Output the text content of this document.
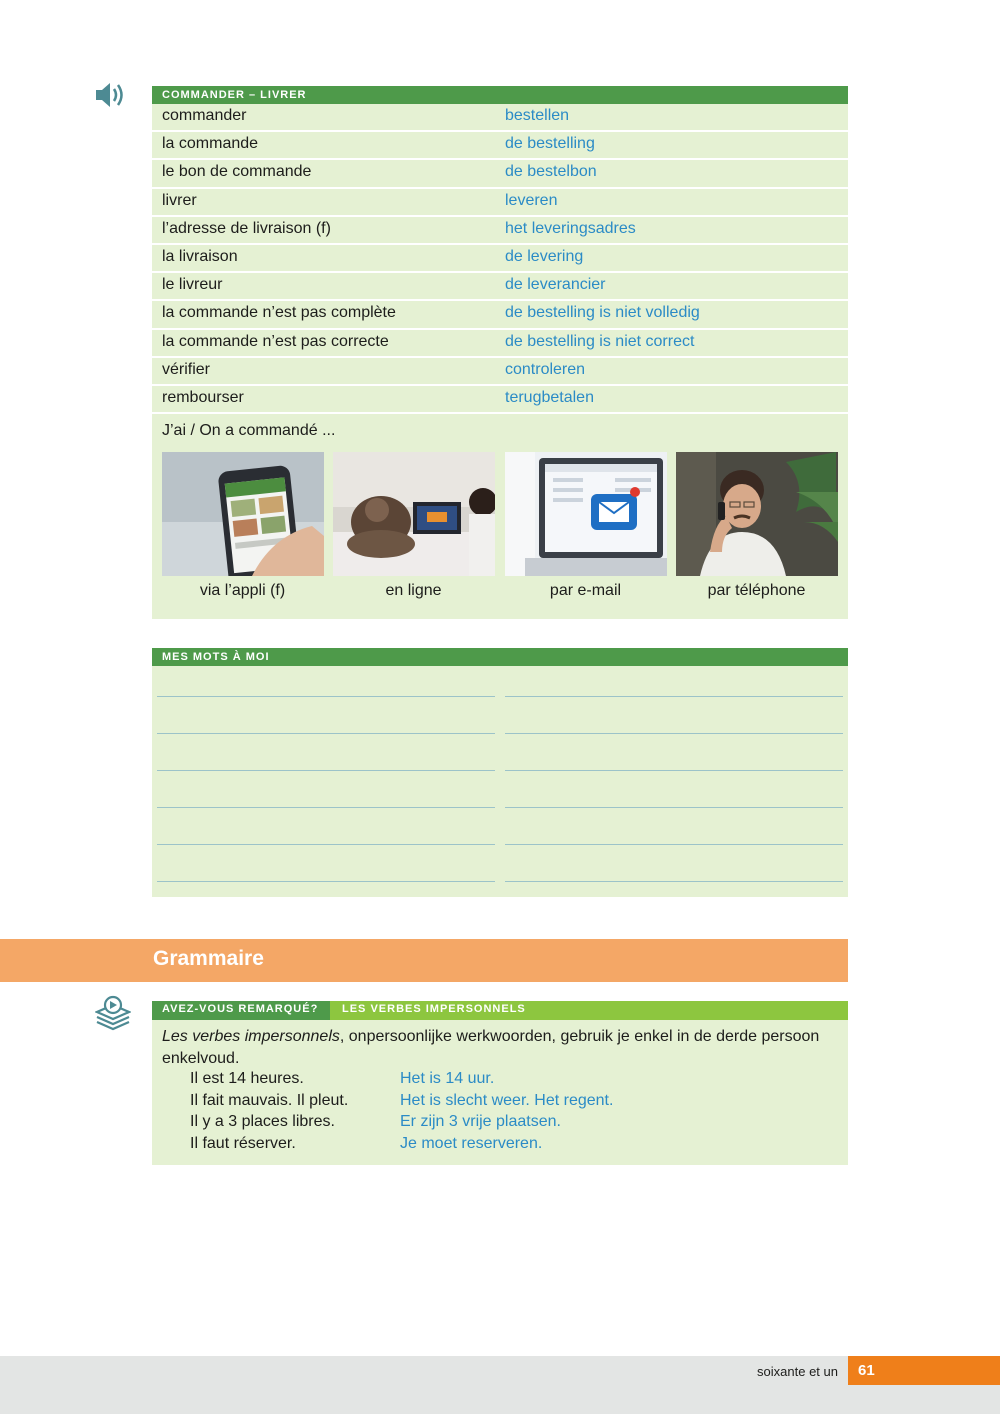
COMMANDER – LIVRER
commander	bestellen
la commande	de bestelling
le bon de commande	de bestelbon
livrer	leveren
l’adresse de livraison (f)	het leveringsadres
la livraison	de levering
le livreur	de leverancier
la commande n’est pas complète	de bestelling is niet volledig
la commande n’est pas correcte	de bestelling is niet correct
vérifier	controleren
rembourser	terugbetalen
J’ai / On a commandé ...
via l’appli (f)	en ligne	par e-mail	par téléphone
MES MOTS À MOI
Grammaire
AVEZ-VOUS REMARQUÉ? LES VERBES IMPERSONNELS
Les verbes impersonnels, onpersoonlijke werkwoorden, gebruik je enkel in de derde persoon enkelvoud.
Il est 14 heures.	Het is 14 uur.
Il fait mauvais. Il pleut.	Het is slecht weer. Het regent.
Il y a 3 places libres.	Er zijn 3 vrije plaatsen.
Il faut réserver.	Je moet reserveren.
soixante et un	61
